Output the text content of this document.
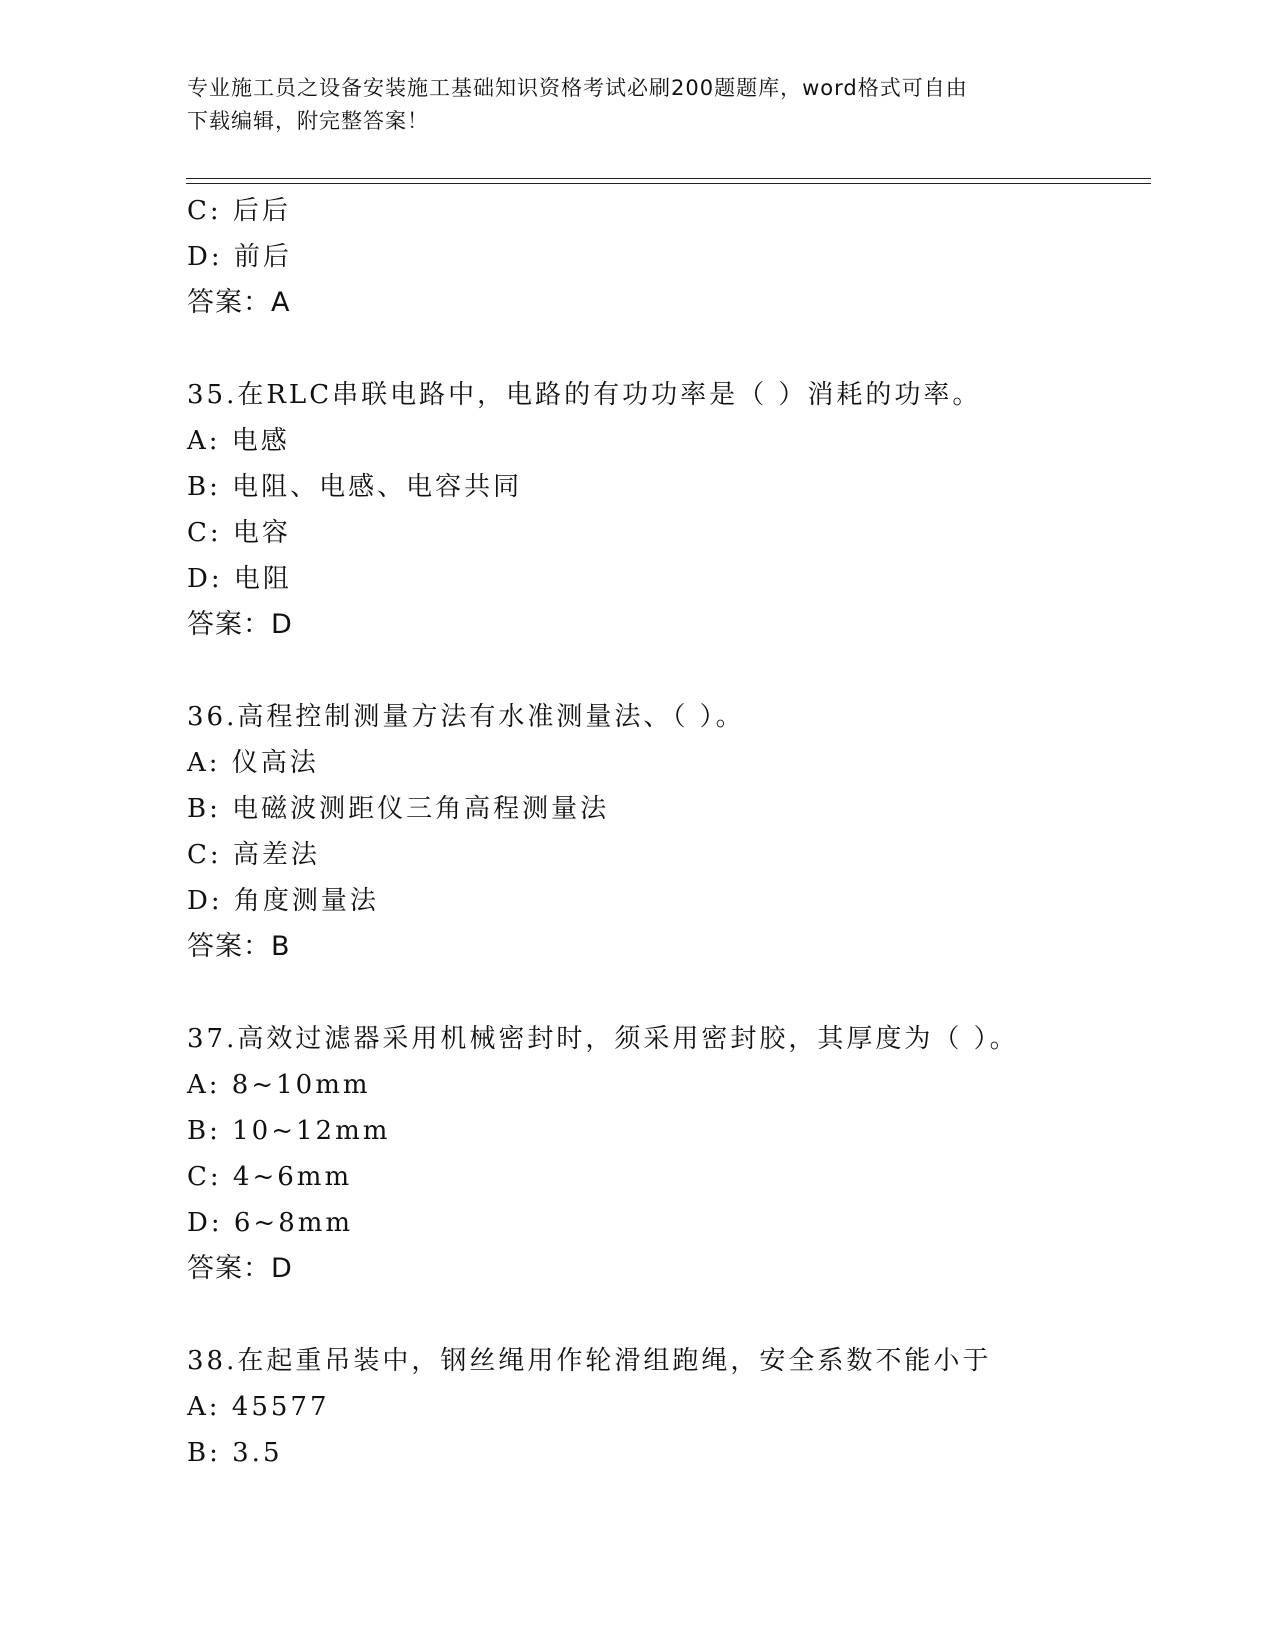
专业施工员之设备安装施工基础知识资格考试必刷200题题库，word格式可自由
下载编辑，附完整答案！
C: 后后
D: 前后
答案：A
35.在RLC串联电路中，电路的有功功率是（ ）消耗的功率。
A: 电感
B: 电阻、电感、电容共同
C: 电容
D: 电阻
答案：D
36.高程控制测量方法有水准测量法、（ ）。
A: 仪高法
B: 电磁波测距仪三角高程测量法
C: 高差法
D: 角度测量法
答案：B
37.高效过滤器采用机械密封时，须采用密封胶，其厚度为（ ）。
A: 8~10mm
B: 10~12mm
C: 4~6mm
D: 6~8mm
答案：D
38.在起重吊装中，钢丝绳用作轮滑组跑绳，安全系数不能小于
A: 45577
B: 3.5
